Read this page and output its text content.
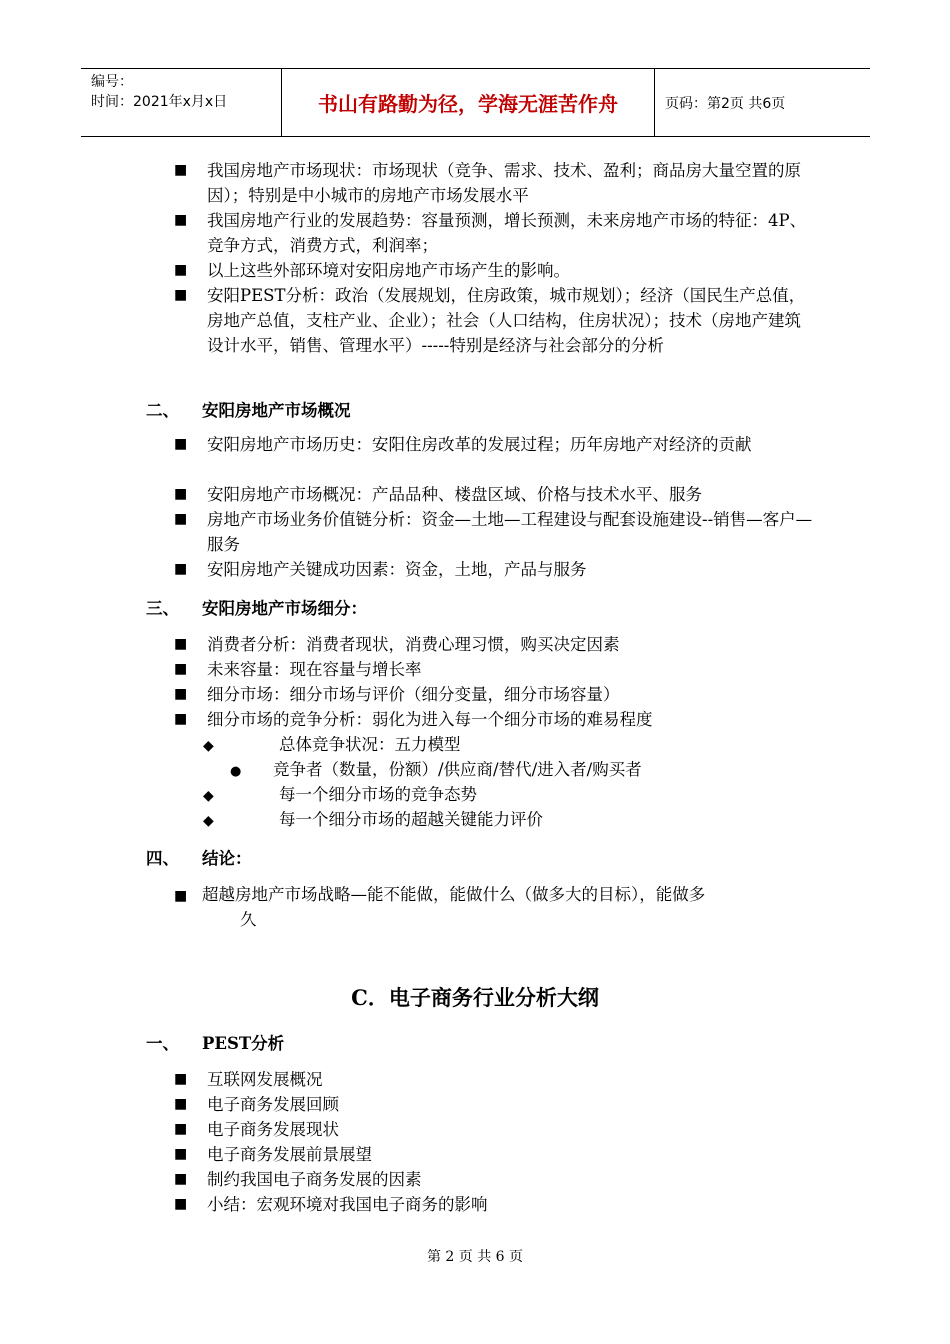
编号：
时间：2021年x月x日	书山有路勤为径，学海无涯苦作舟	页码：第2页 共6页
■	我国房地产市场现状：市场现状（竞争、需求、技术、盈利；商品房大量空置的原因）；特别是中小城市的房地产市场发展水平
■	我国房地产行业的发展趋势：容量预测，增长预测，未来房地产市场的特征：4P、竞争方式，消费方式，利润率；
■	以上这些外部环境对安阳房地产市场产生的影响。
■	安阳PEST分析：政治（发展规划，住房政策，城市规划）；经济（国民生产总值，房地产总值，支柱产业、企业）；社会（人口结构，住房状况）；技术（房地产建筑设计水平，销售、管理水平）-----特别是经济与社会部分的分析
二、 安阳房地产市场概况
■	安阳房地产市场历史：安阳住房改革的发展过程；历年房地产对经济的贡献
■	安阳房地产市场概况：产品品种、楼盘区域、价格与技术水平、服务
■	房地产市场业务价值链分析：资金—土地—工程建设与配套设施建设--销售—客户—服务
■	安阳房地产关键成功因素：资金，土地，产品与服务
三、 安阳房地产市场细分：
■	消费者分析：消费者现状，消费心理习惯，购买决定因素
■	未来容量：现在容量与增长率
■	细分市场：细分市场与评价（细分变量，细分市场容量）
■	细分市场的竞争分析：弱化为进入每一个细分市场的难易程度
◆	总体竞争状况：五力模型
● 竞争者（数量，份额）/供应商/替代/进入者/购买者
◆	每一个细分市场的竞争态势
◆	每一个细分市场的超越关键能力评价
四、 结论：
■ 超越房地产市场战略—能不能做，能做什么（做多大的目标），能做多
久
C．电子商务行业分析大纲
一、 PEST分析
■	互联网发展概况
■	电子商务发展回顾
■	电子商务发展现状
■	电子商务发展前景展望
■	制约我国电子商务发展的因素
■	小结：宏观环境对我国电子商务的影响
第 2 页 共 6 页
